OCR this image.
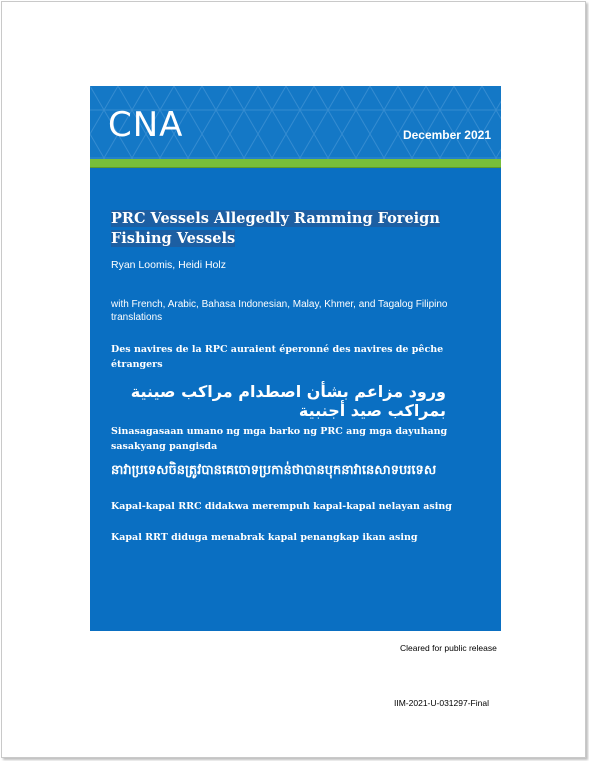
CNA	December 2021
PRC Vessels Allegedly Ramming Foreign
Fishing Vessels
Ryan Loomis, Heidi Holz
with French, Arabic, Bahasa Indonesian, Malay, Khmer, and Tagalog Filipino translations
Des navires de la RPC auraient éperonné des navires de pêche étrangers
ورود مزاعم بشأن اصطدام مراكب صينية بمراكب صيد أجنبية
Sinasagasaan umano ng mga barko ng PRC ang mga dayuhang sasakyang pangisda
នាវាប្រទេសចិនត្រូវបានគេចោទប្រកាន់ថាបានបុកនាវានេសាទបរទេស
Kapal-kapal RRC didakwa merempuh kapal-kapal nelayan asing
Kapal RRT diduga menabrak kapal penangkap ikan asing
Cleared for public release
IIM-2021-U-031297-Final
